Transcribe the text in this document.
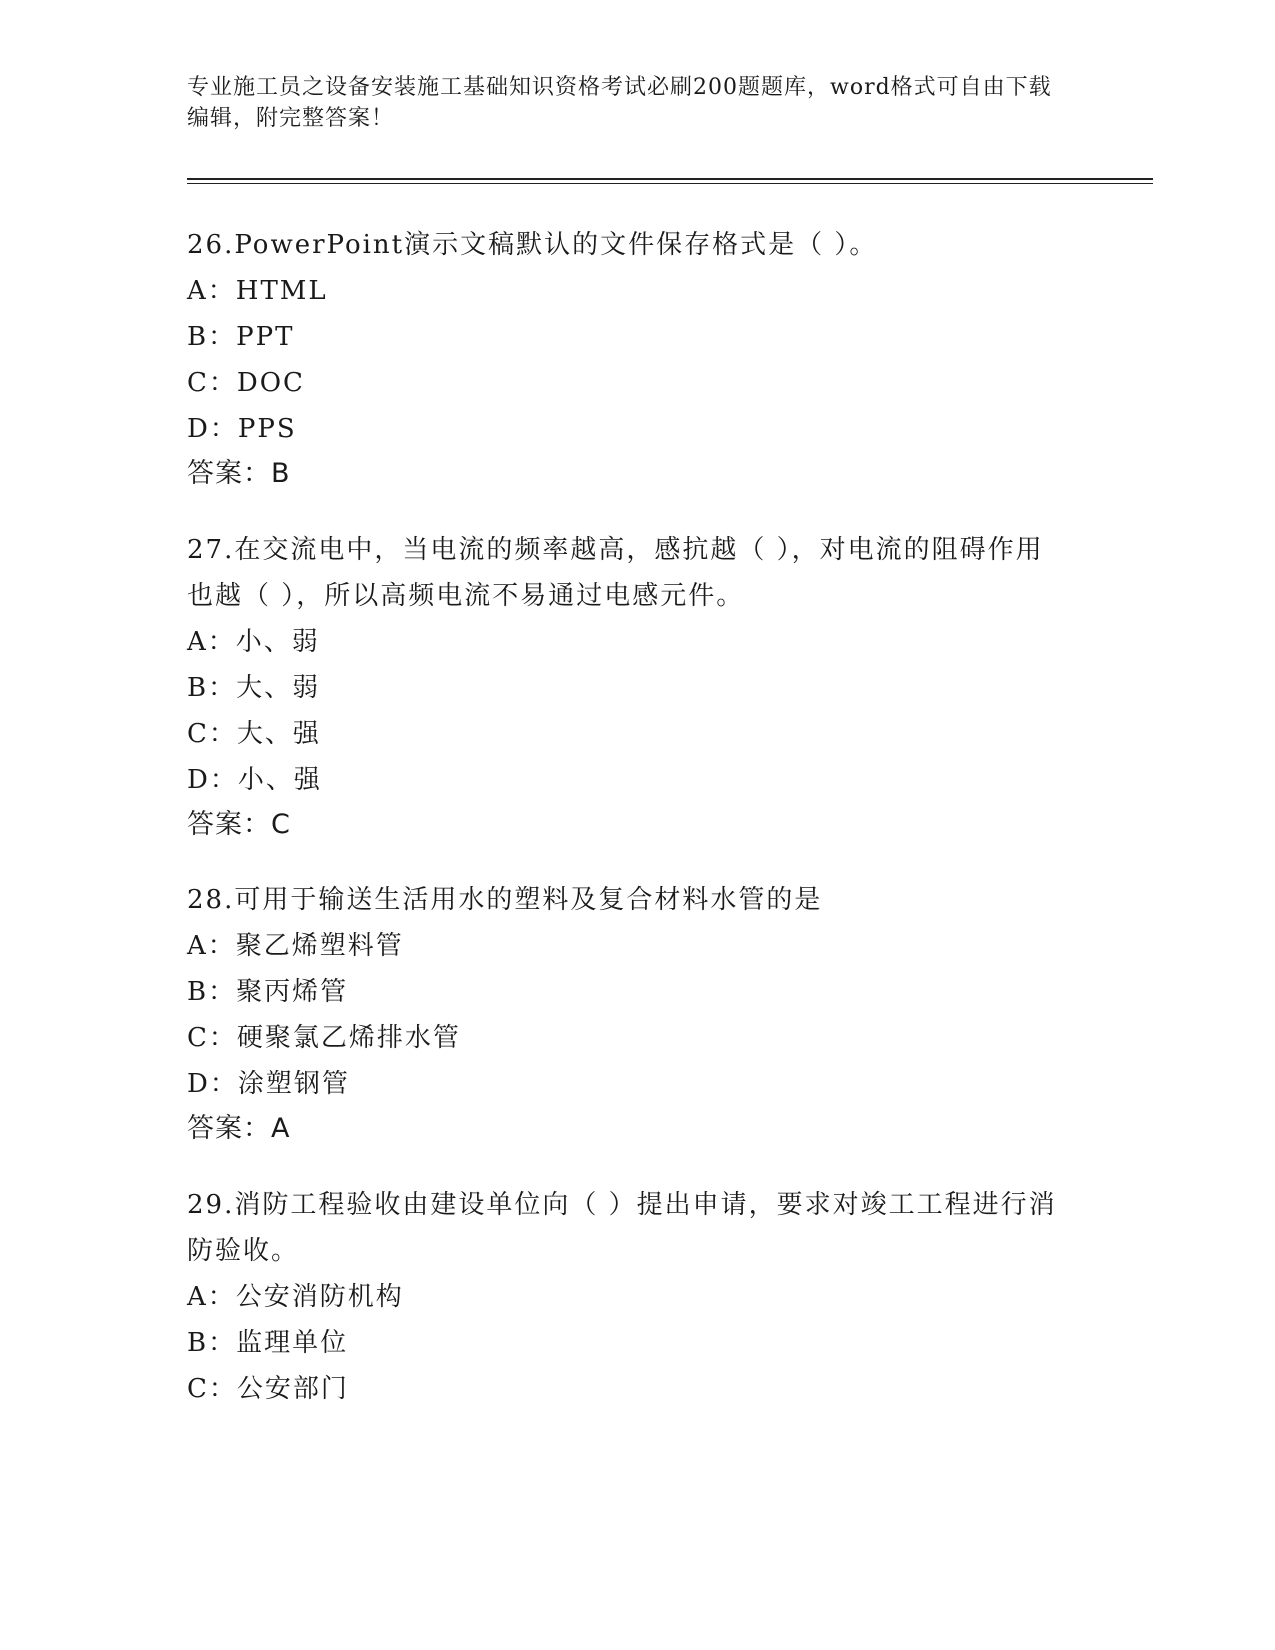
专业施工员之设备安装施工基础知识资格考试必刷200题题库，word格式可自由下载编辑，附完整答案！
26.PowerPoint演示文稿默认的文件保存格式是（ ）。
A：HTML
B：PPT
C：DOC
D：PPS
答案：B
27.在交流电中，当电流的频率越高，感抗越（ ），对电流的阻碍作用也越（ ），所以高频电流不易通过电感元件。
A：小、弱
B：大、弱
C：大、强
D：小、强
答案：C
28.可用于输送生活用水的塑料及复合材料水管的是
A：聚乙烯塑料管
B：聚丙烯管
C：硬聚氯乙烯排水管
D：涂塑钢管
答案：A
29.消防工程验收由建设单位向（ ）提出申请，要求对竣工工程进行消防验收。
A：公安消防机构
B：监理单位
C：公安部门
